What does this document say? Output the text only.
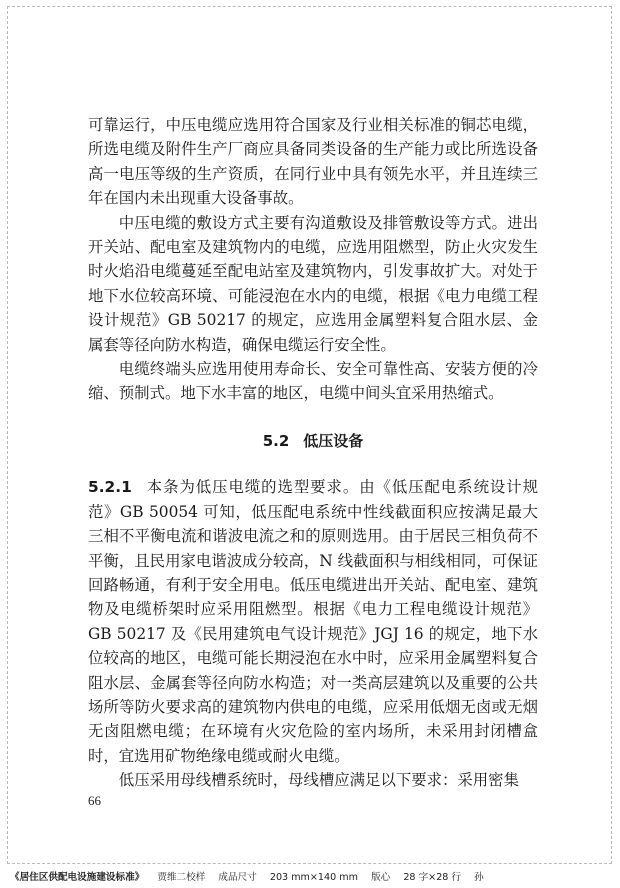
可靠运行，中压电缆应选用符合国家及行业相关标准的铜芯电缆，所选电缆及附件生产厂商应具备同类设备的生产能力或比所选设备高一电压等级的生产资质，在同行业中具有领先水平，并且连续三年在国内未出现重大设备事故。

中压电缆的敷设方式主要有沟道敷设及排管敷设等方式。进出开关站、配电室及建筑物内的电缆，应选用阻燃型，防止火灾发生时火焰沿电缆蔓延至配电站室及建筑物内，引发事故扩大。对处于地下水位较高环境、可能浸泡在水内的电缆，根据《电力电缆工程设计规范》GB 50217 的规定，应选用金属塑料复合阻水层、金属套等径向防水构造，确保电缆运行安全性。

电缆终端头应选用使用寿命长、安全可靠性高、安装方便的冷缩、预制式。地下水丰富的地区，电缆中间头宜采用热缩式。

5.2 低压设备

5.2.1 本条为低压电缆的选型要求。由《低压配电系统设计规范》GB 50054 可知，低压配电系统中性线截面积应按满足最大三相不平衡电流和谐波电流之和的原则选用。由于居民三相负荷不平衡，且民用家电谐波成分较高，N 线截面积与相线相同，可保证回路畅通，有利于安全用电。低压电缆进出开关站、配电室、建筑物及电缆桥架时应采用阻燃型。根据《电力工程电缆设计规范》GB 50217 及《民用建筑电气设计规范》JGJ 16 的规定，地下水位较高的地区，电缆可能长期浸泡在水中时，应采用金属塑料复合阻水层、金属套等径向防水构造；对一类高层建筑以及重要的公共场所等防火要求高的建筑物内供电的电缆，应采用低烟无卤或无烟无卤阻燃电缆；在环境有火灾危险的室内场所，未采用封闭槽盒时，宜选用矿物绝缘电缆或耐火电缆。

低压采用母线槽系统时，母线槽应满足以下要求：采用密集

66
《居住区供配电设施建设标准》 贾维二校样 成品尺寸 203 mm×140 mm 版心 28 字×28 行 孙
